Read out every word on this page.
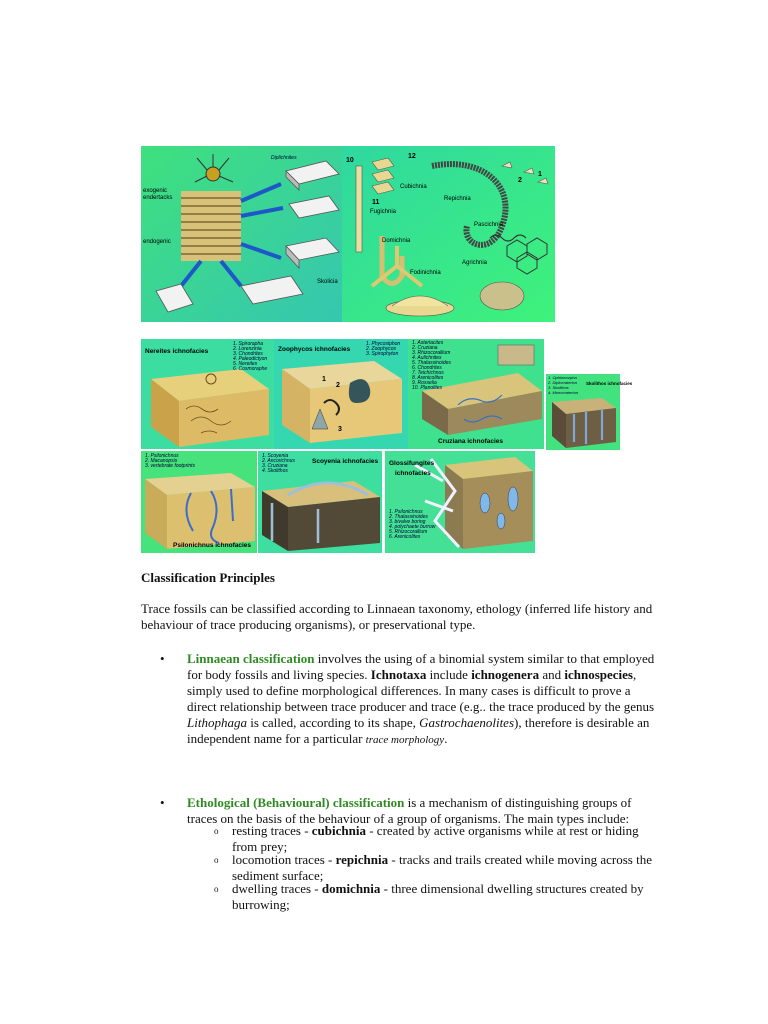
Diplichnites
exogenic
endertacks
endogenic
Skolicia
10
12
11
2
1
Cubichnia
Repichnia
Fugichnia
Pascichnia
Domichnia
Agrichnia
Fodinichnia
Nereites ichnofacies
1. Spirorapha
2. Lorenzinia
3. Chondrites
4. Paleodictyon
5. Nereites
6. Cosmoraphe
1
2
3
Zoophycos ichnofacies
1. Phycosiphon
2. Zoophycos
3. Spirophyton
Cruziana ichnofacies
1. Asteriacites
2. Cruziana
3. Rhizocorallium
4. Aulichnites
5. Thalassinoides
6. Chondrites
7. Teichichnus
8. Arenicolites
9. Rosselia
10. Planolites
Skolithos ichnofacies
1. Ophiomorpha
2. Diplocraterion
3. Skolithos
4. Monocraterion
Psilonichnus ichnofacies
1. Psilonichnus
2. Macanopsis
3. vertebrate footprints
Scoyenia ichnofacies
1. Scoyenia
2. Ancorichnus
3. Cruziana
4. Skolithos
Glossifungites
ichnofacies
1. Psilonichnus
2. Thalassinoides
3. bivalve boring
4. polychaete burrow
5. Rhizocorallium
6. Arenicolites
Classification Principles

Trace fossils can be classified according to Linnaean taxonomy, ethology (inferred life history and behaviour of trace producing organisms), or preservational type.

• Linnaean classification involves the using of a binomial system similar to that employed for body fossils and living species. Ichnotaxa include ichnogenera and ichnospecies, simply used to define morphological differences. In many cases is difficult to prove a direct relationship between trace producer and trace (e.g.. the trace produced by the genus Lithophaga is called, according to its shape, Gastrochaenolites), therefore is desirable an independent name for a particular trace morphology.

• Ethological (Behavioural) classification is a mechanism of distinguishing groups of traces on the basis of the behaviour of a group of organisms. The main types include:

o resting traces - cubichnia - created by active organisms while at rest or hiding from prey;

o locomotion traces - repichnia - tracks and trails created while moving across the sediment surface;

o dwelling traces - domichnia - three dimensional dwelling structures created by burrowing;
